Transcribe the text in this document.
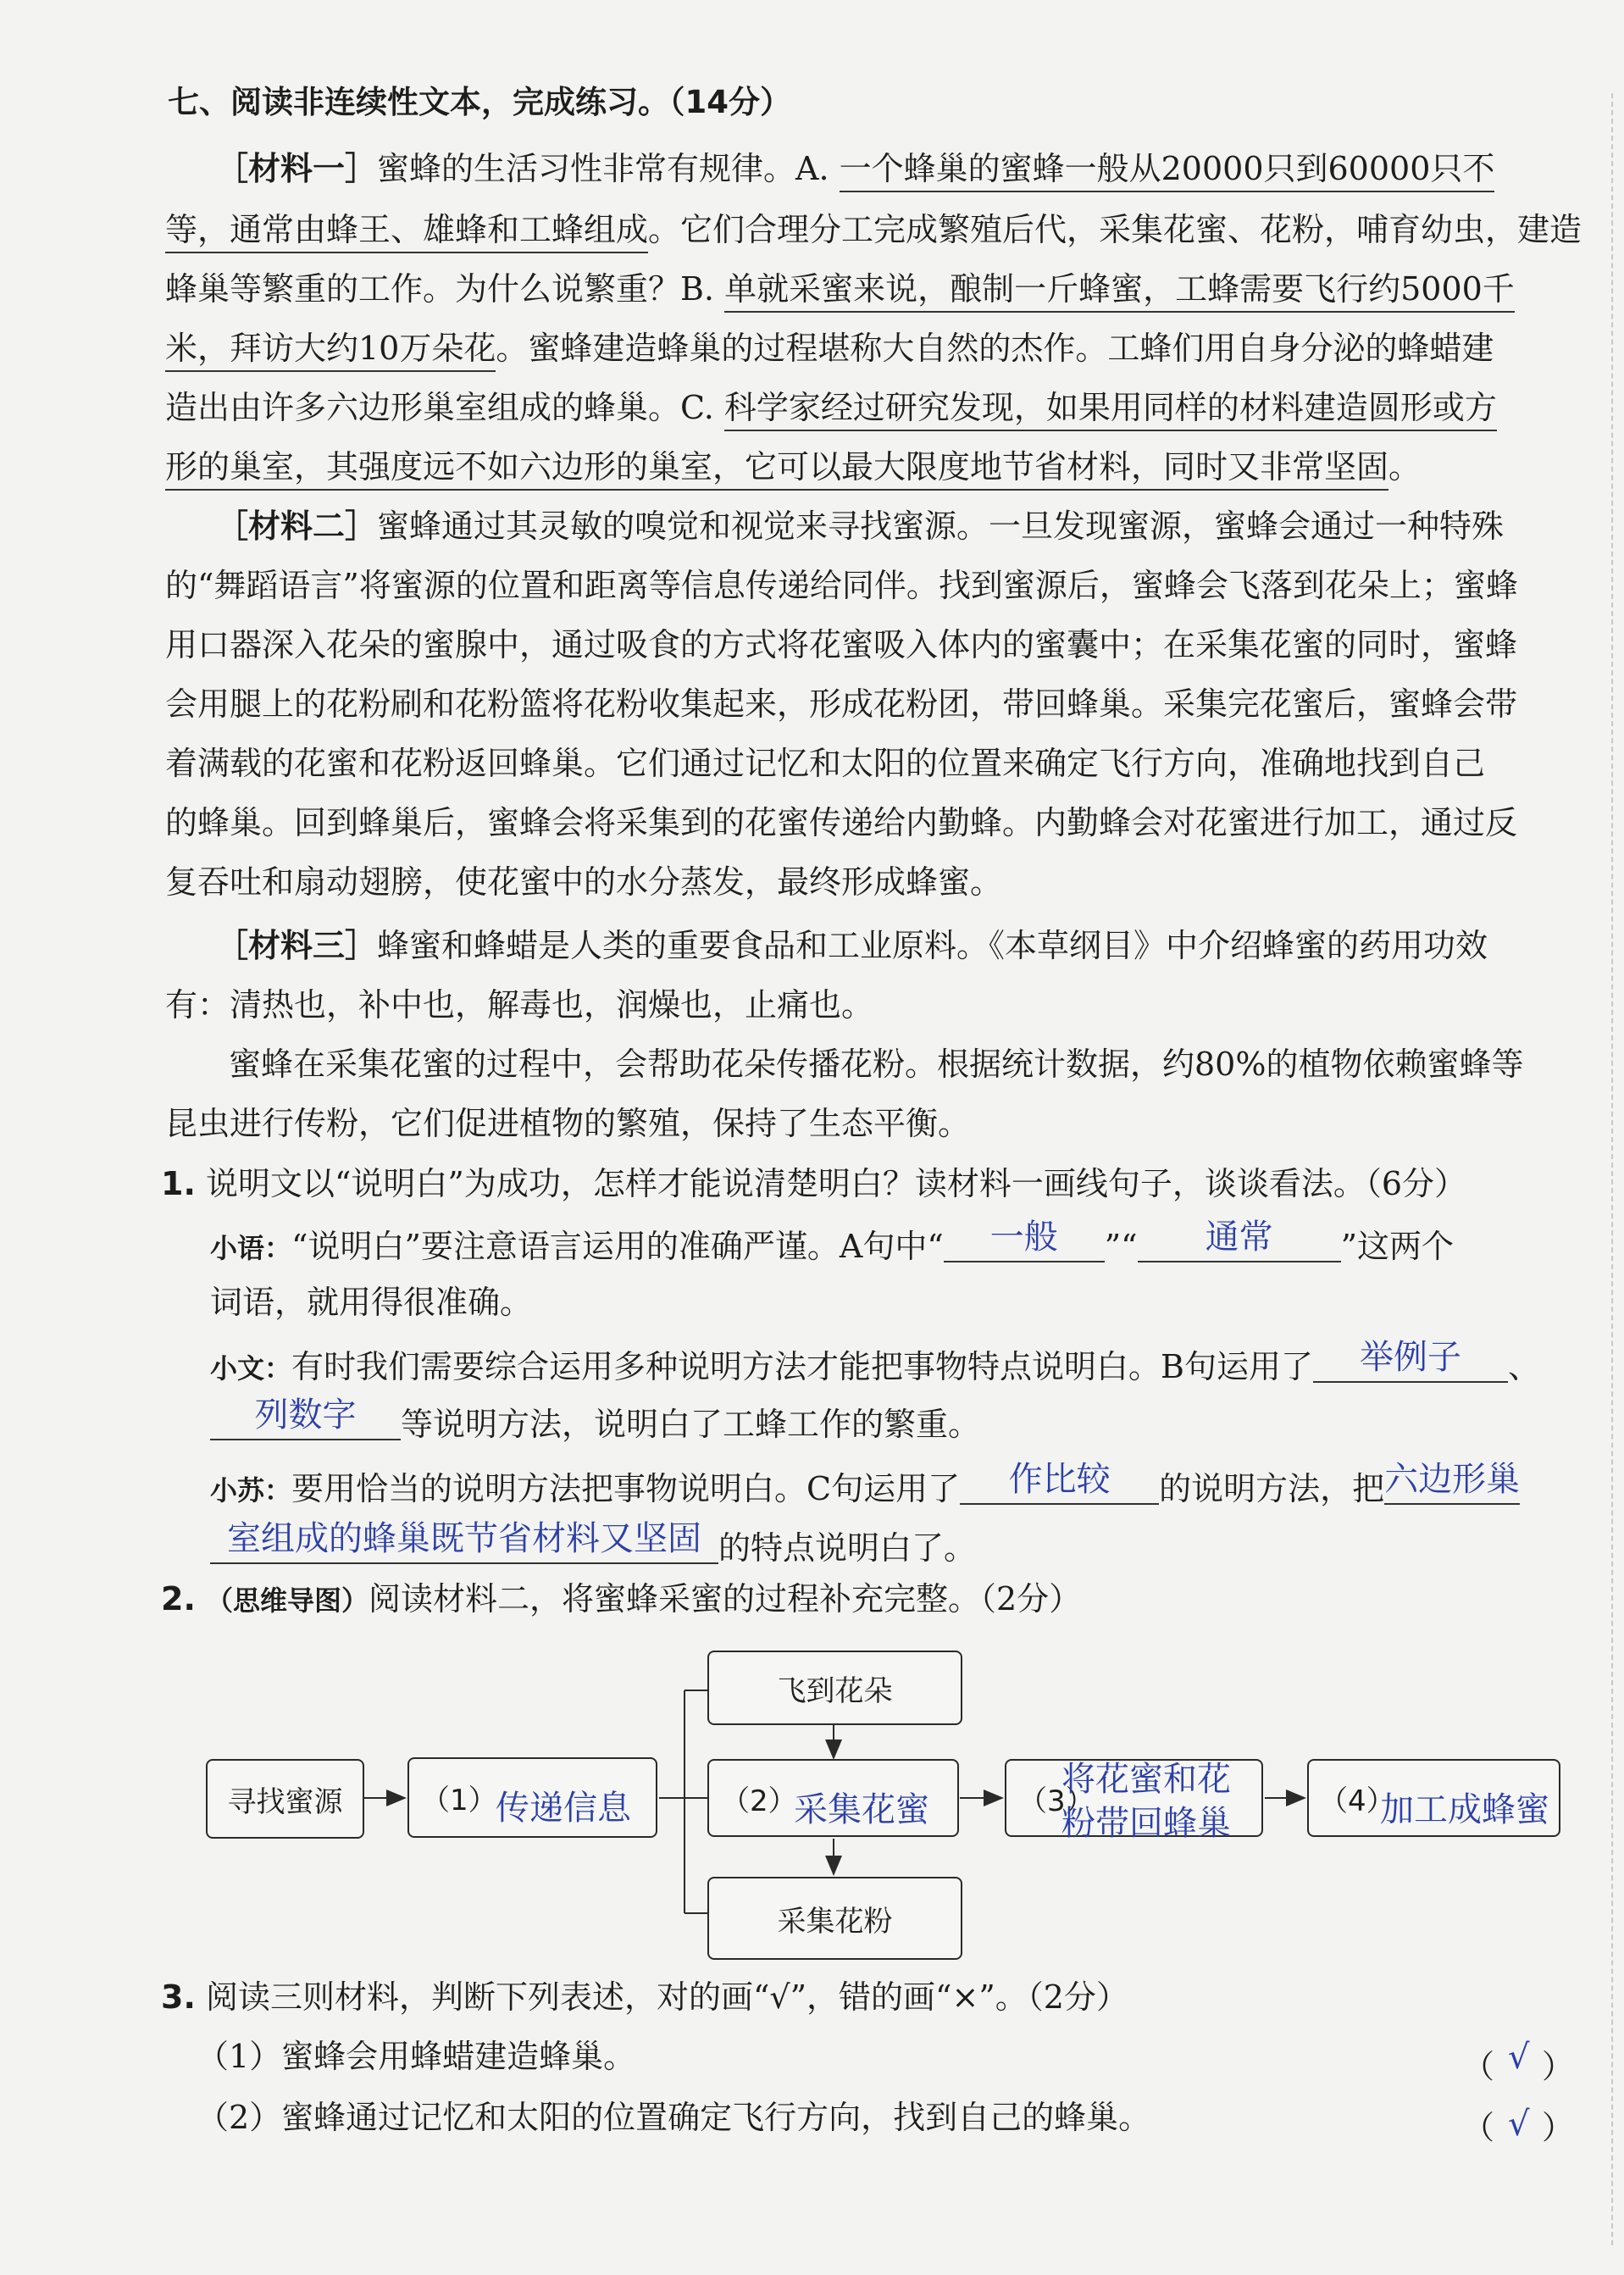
七、阅读非连续性文本，完成练习。（14分）
［材料一］蜜蜂的生活习性非常有规律。A. 一个蜂巢的蜜蜂一般从20000只到60000只不
等，通常由蜂王、雄蜂和工蜂组成。它们合理分工完成繁殖后代，采集花蜜、花粉，哺育幼虫，建造
蜂巢等繁重的工作。为什么说繁重？B. 单就采蜜来说，酿制一斤蜂蜜，工蜂需要飞行约5000千
米，拜访大约10万朵花。蜜蜂建造蜂巢的过程堪称大自然的杰作。工蜂们用自身分泌的蜂蜡建
造出由许多六边形巢室组成的蜂巢。C. 科学家经过研究发现，如果用同样的材料建造圆形或方
形的巢室，其强度远不如六边形的巢室，它可以最大限度地节省材料，同时又非常坚固。
［材料二］蜜蜂通过其灵敏的嗅觉和视觉来寻找蜜源。一旦发现蜜源，蜜蜂会通过一种特殊
的“舞蹈语言”将蜜源的位置和距离等信息传递给同伴。找到蜜源后，蜜蜂会飞落到花朵上；蜜蜂
用口器深入花朵的蜜腺中，通过吸食的方式将花蜜吸入体内的蜜囊中；在采集花蜜的同时，蜜蜂
会用腿上的花粉刷和花粉篮将花粉收集起来，形成花粉团，带回蜂巢。采集完花蜜后，蜜蜂会带
着满载的花蜜和花粉返回蜂巢。它们通过记忆和太阳的位置来确定飞行方向，准确地找到自己
的蜂巢。回到蜂巢后，蜜蜂会将采集到的花蜜传递给内勤蜂。内勤蜂会对花蜜进行加工，通过反
复吞吐和扇动翅膀，使花蜜中的水分蒸发，最终形成蜂蜜。
［材料三］蜂蜜和蜂蜡是人类的重要食品和工业原料。《本草纲目》中介绍蜂蜜的药用功效
有：清热也，补中也，解毒也，润燥也，止痛也。
蜜蜂在采集花蜜的过程中，会帮助花朵传播花粉。根据统计数据，约80%的植物依赖蜜蜂等
昆虫进行传粉，它们促进植物的繁殖，保持了生态平衡。
1. 说明文以“说明白”为成功，怎样才能说清楚明白？读材料一画线句子，谈谈看法。（6分）
小语：“说明白”要注意语言运用的准确严谨。A句中“	一般	”“	通常	”这两个
词语，就用得很准确。
小文：有时我们需要综合运用多种说明方法才能把事物特点说明白。B句运用了	举例子	、
列数字	等说明方法，说明白了工蜂工作的繁重。
小苏：要用恰当的说明方法把事物说明白。C句运用了	作比较	的说明方法，把 六边形巢
室组成的蜂巢既节省材料又坚固 的特点说明白了。
2. （思维导图）阅读材料二，将蜜蜂采蜜的过程补充完整。（2分）
寻找蜜源	（1）
传递信息
飞到花朵
（2）
采集花蜜
采集花粉
（3）
将花蜜和花
粉带回蜂巢
（4）
加工成蜂蜜
3. 阅读三则材料，判断下列表述，对的画“√”，错的画“×”。（2分）
（1）蜜蜂会用蜂蜡建造蜂巢。	（ √ ）
（2）蜜蜂通过记忆和太阳的位置确定飞行方向，找到自己的蜂巢。	（ √ ）
